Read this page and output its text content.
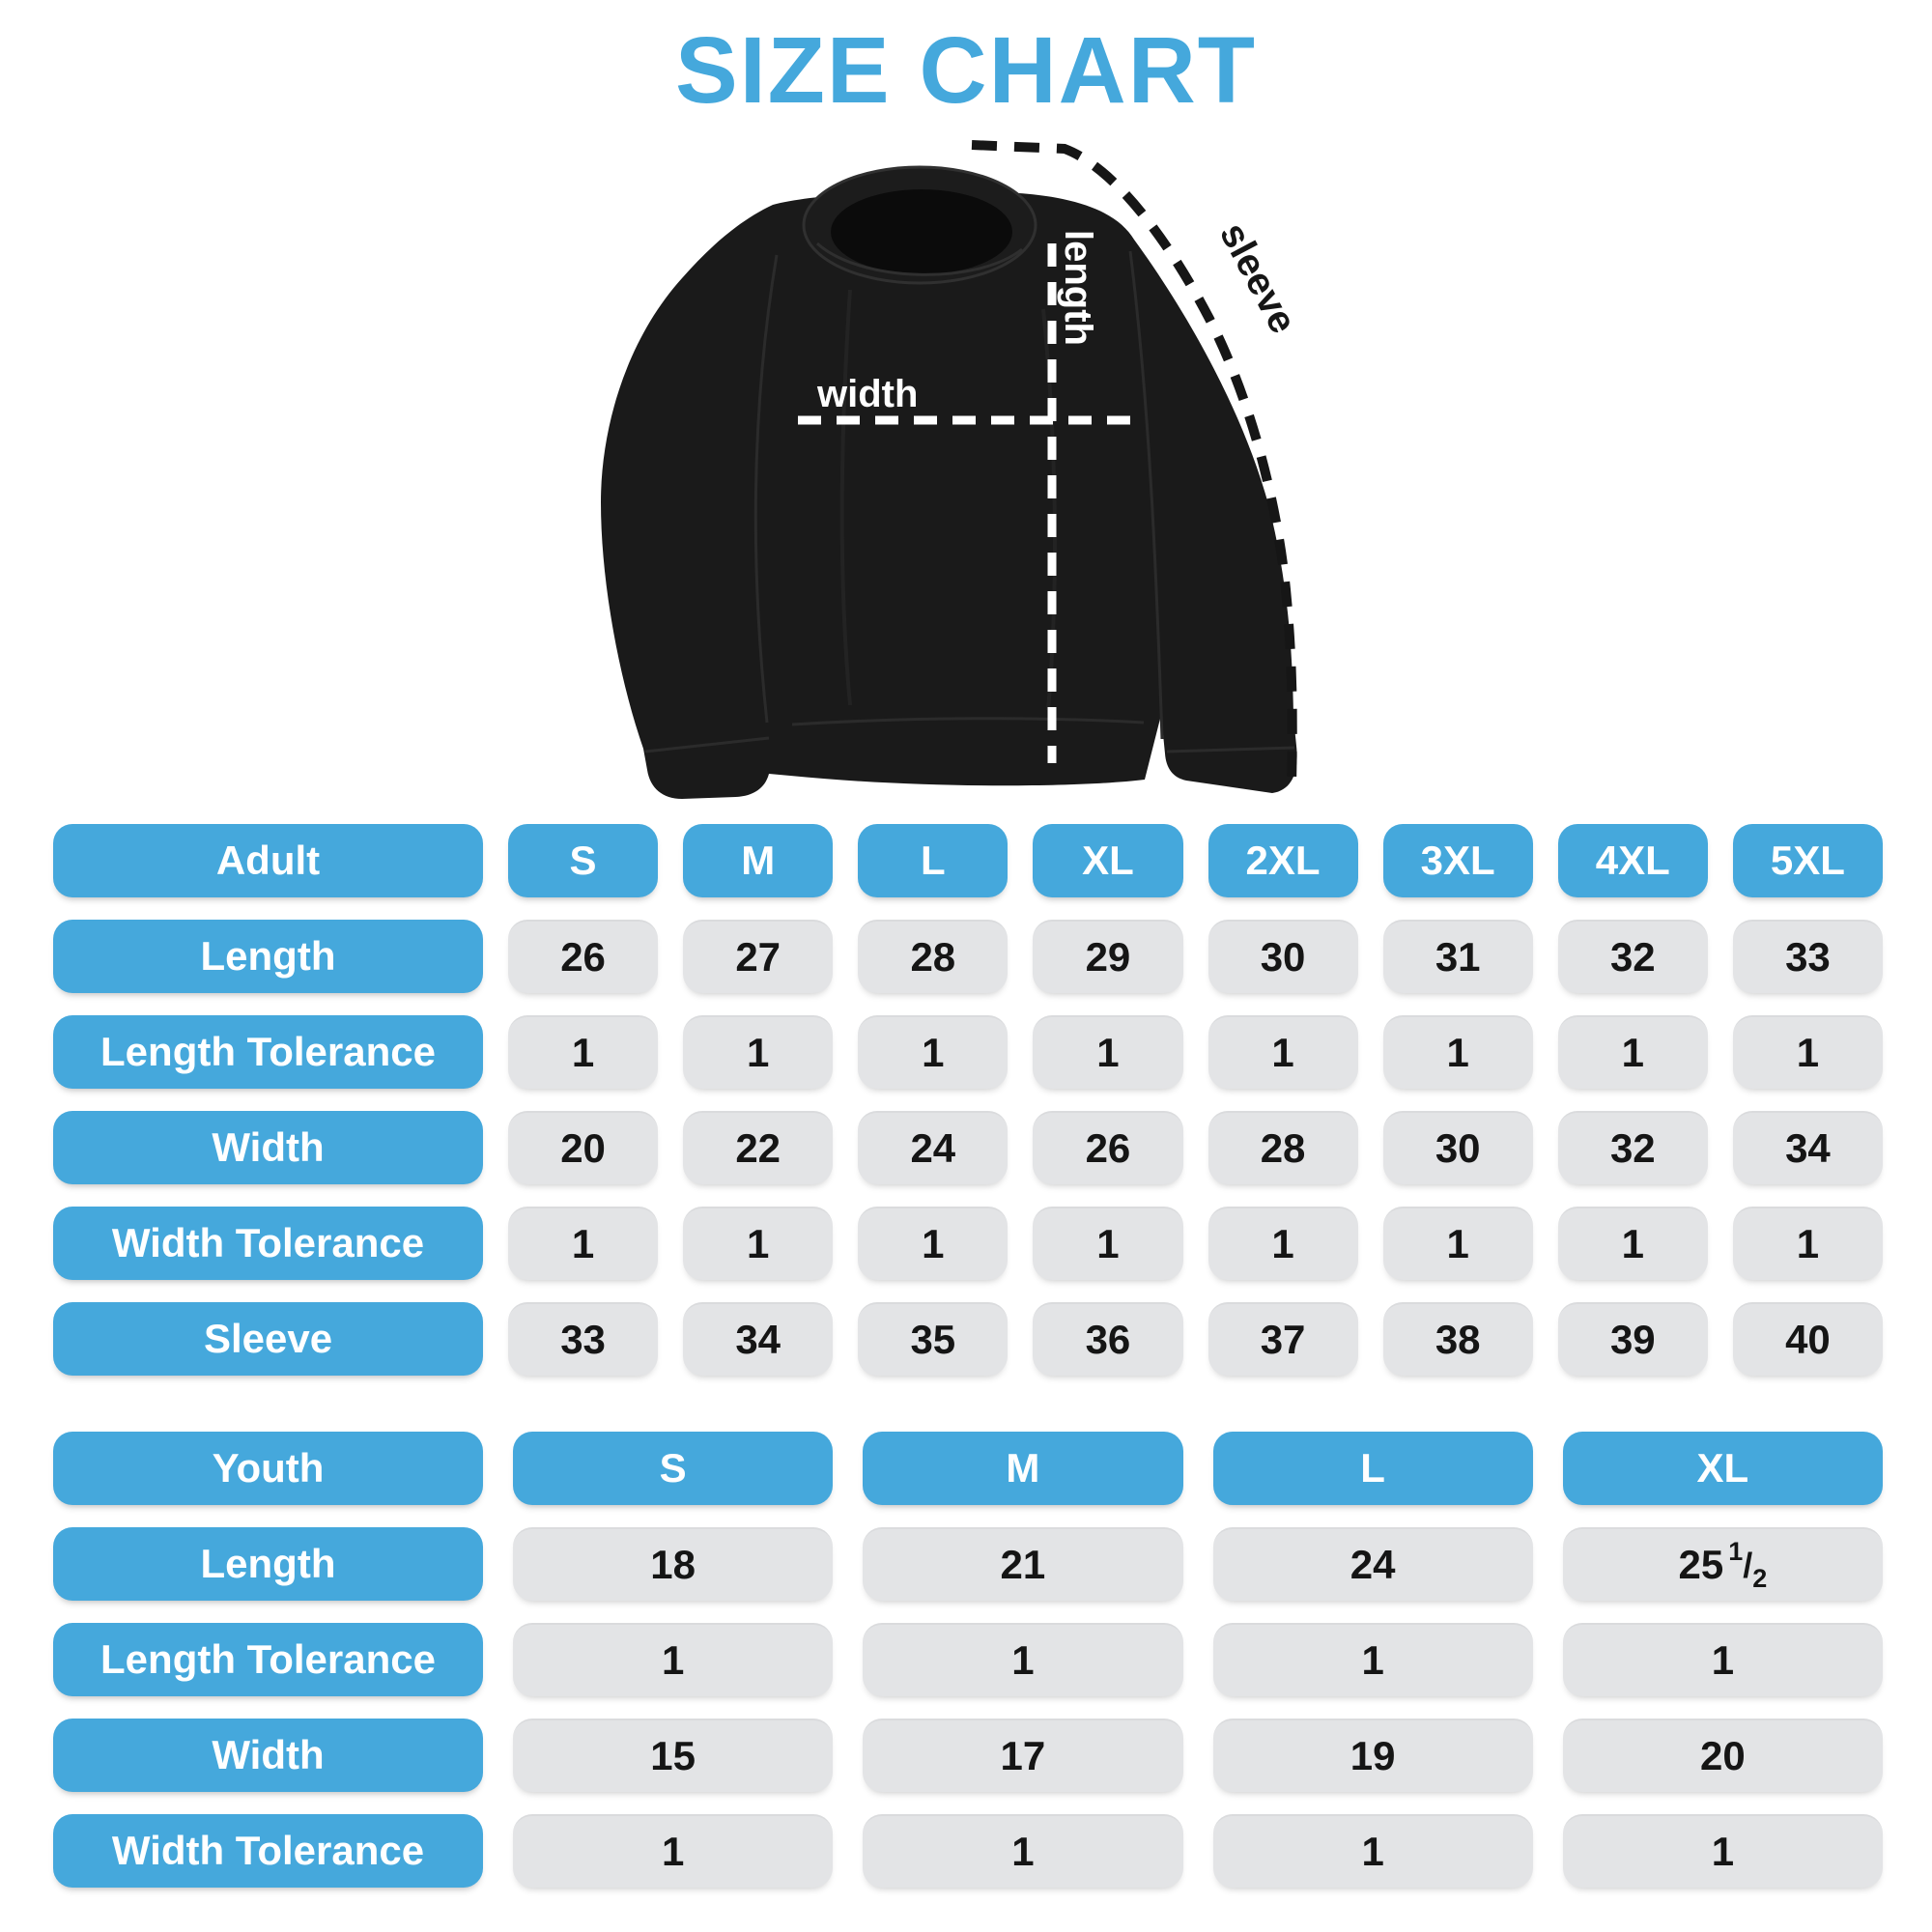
SIZE CHART
width
length	sleeve
Adult	S	M	L	XL	2XL	3XL	4XL	5XL
Length	26	27	28	29	30	31	32	33
Length Tolerance	1	1	1	1	1	1	1	1
Width	20	22	24	26	28	30	32	34
Width Tolerance	1	1	1	1	1	1	1	1
Sleeve	33	34	35	36	37	38	39	40
Youth	S	M	L	XL
Length	18	21	24	25 $^1/_2$
Length Tolerance	1	1	1	1
Width	15	17	19	20
Width Tolerance	1	1	1	1
